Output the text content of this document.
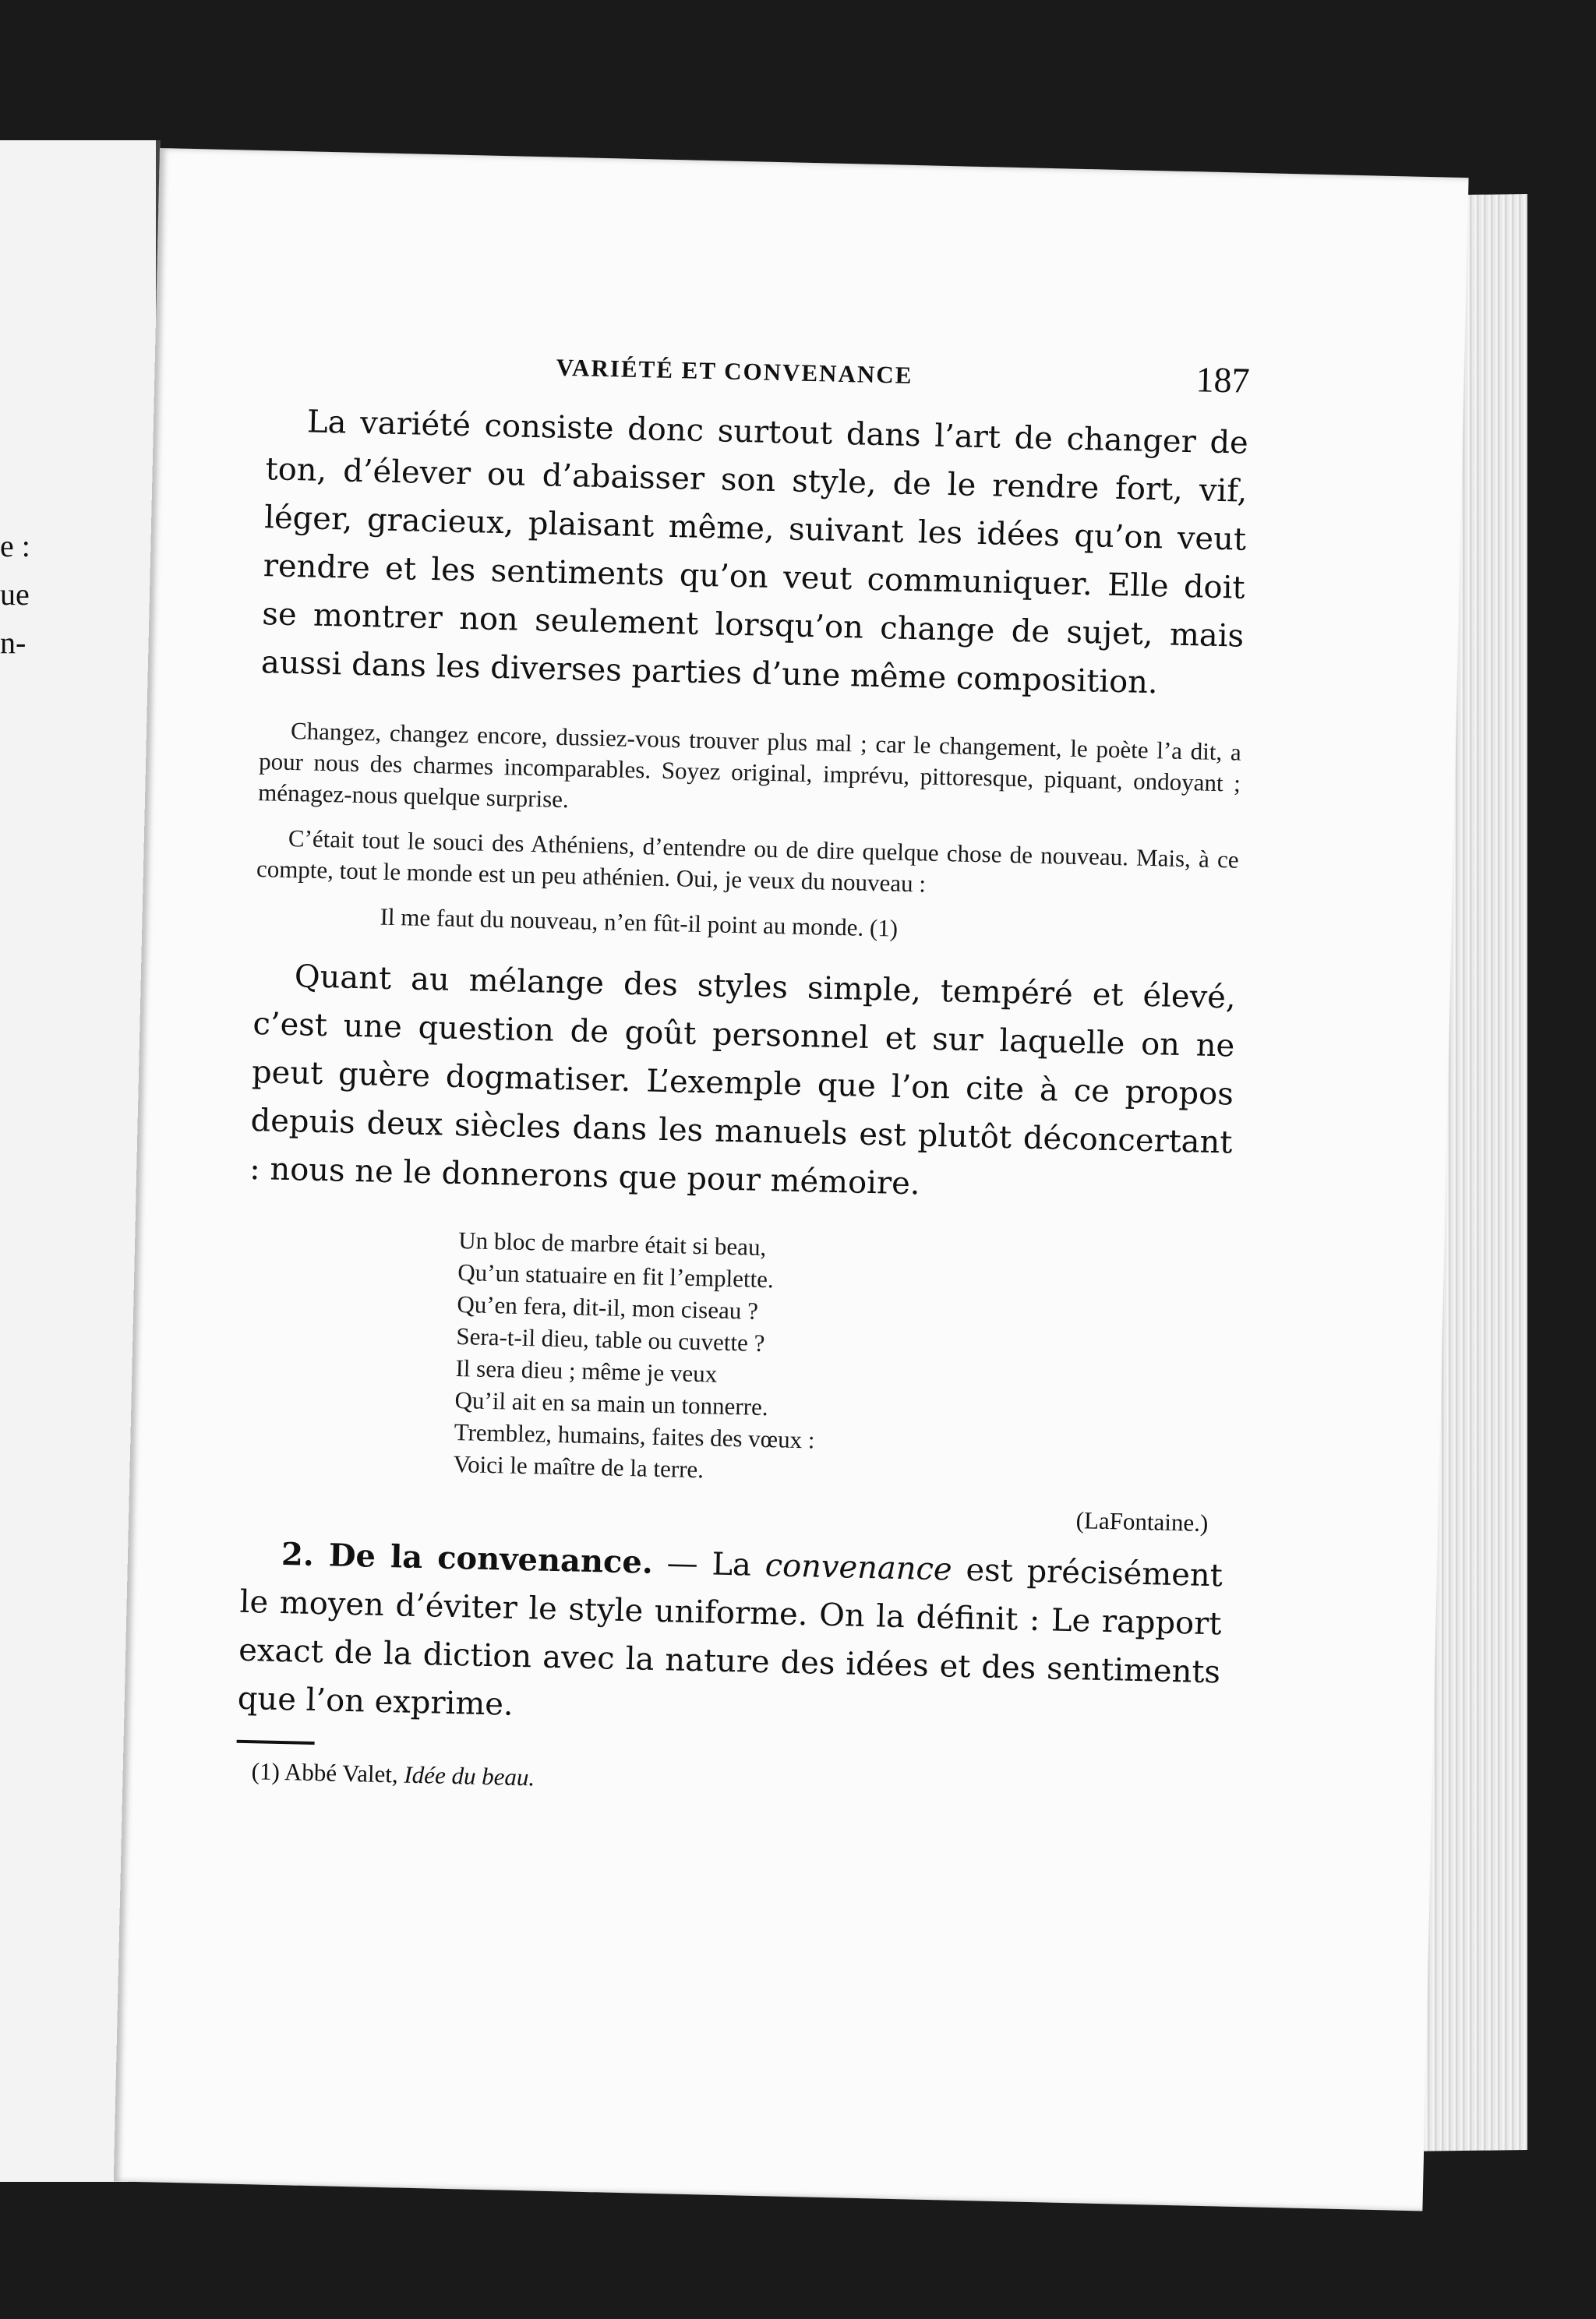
e :
ue
n-
VARIÉTÉ ET CONVENANCE	187

La variété consiste donc surtout dans l’art de changer de ton, d’élever ou d’abaisser son style, de le rendre fort, vif, léger, gracieux, plaisant même, suivant les idées qu’on veut rendre et les sentiments qu’on veut communiquer. Elle doit se montrer non seulement lorsqu’on change de sujet, mais aussi dans les diverses parties d’une même composition.

Changez, changez encore, dussiez-vous trouver plus mal ; car le changement, le poète l’a dit, a pour nous des charmes incomparables. Soyez original, imprévu, pittoresque, piquant, ondoyant ; ménagez-nous quelque surprise.

C’était tout le souci des Athéniens, d’entendre ou de dire quelque chose de nouveau. Mais, à ce compte, tout le monde est un peu athénien. Oui, je veux du nouveau :

Il me faut du nouveau, n’en fût-il point au monde. (1)

Quant au mélange des styles simple, tempéré et élevé, c’est une question de goût personnel et sur laquelle on ne peut guère dogmatiser. L’exemple que l’on cite à ce propos depuis deux siècles dans les manuels est plutôt déconcertant : nous ne le donnerons que pour mémoire.

Un bloc de marbre était si beau,
Qu’un statuaire en fit l’emplette.
Qu’en fera, dit-il, mon ciseau ?
Sera-t-il dieu, table ou cuvette ?
Il sera dieu ; même je veux
Qu’il ait en sa main un tonnerre.
Tremblez, humains, faites des vœux :
Voici le maître de la terre.
(LaFontaine.)

2. De la convenance. — La convenance est précisément le moyen d’éviter le style uniforme. On la définit : Le rapport exact de la diction avec la nature des idées et des sentiments que l’on exprime.

(1) Abbé Valet, Idée du beau.
